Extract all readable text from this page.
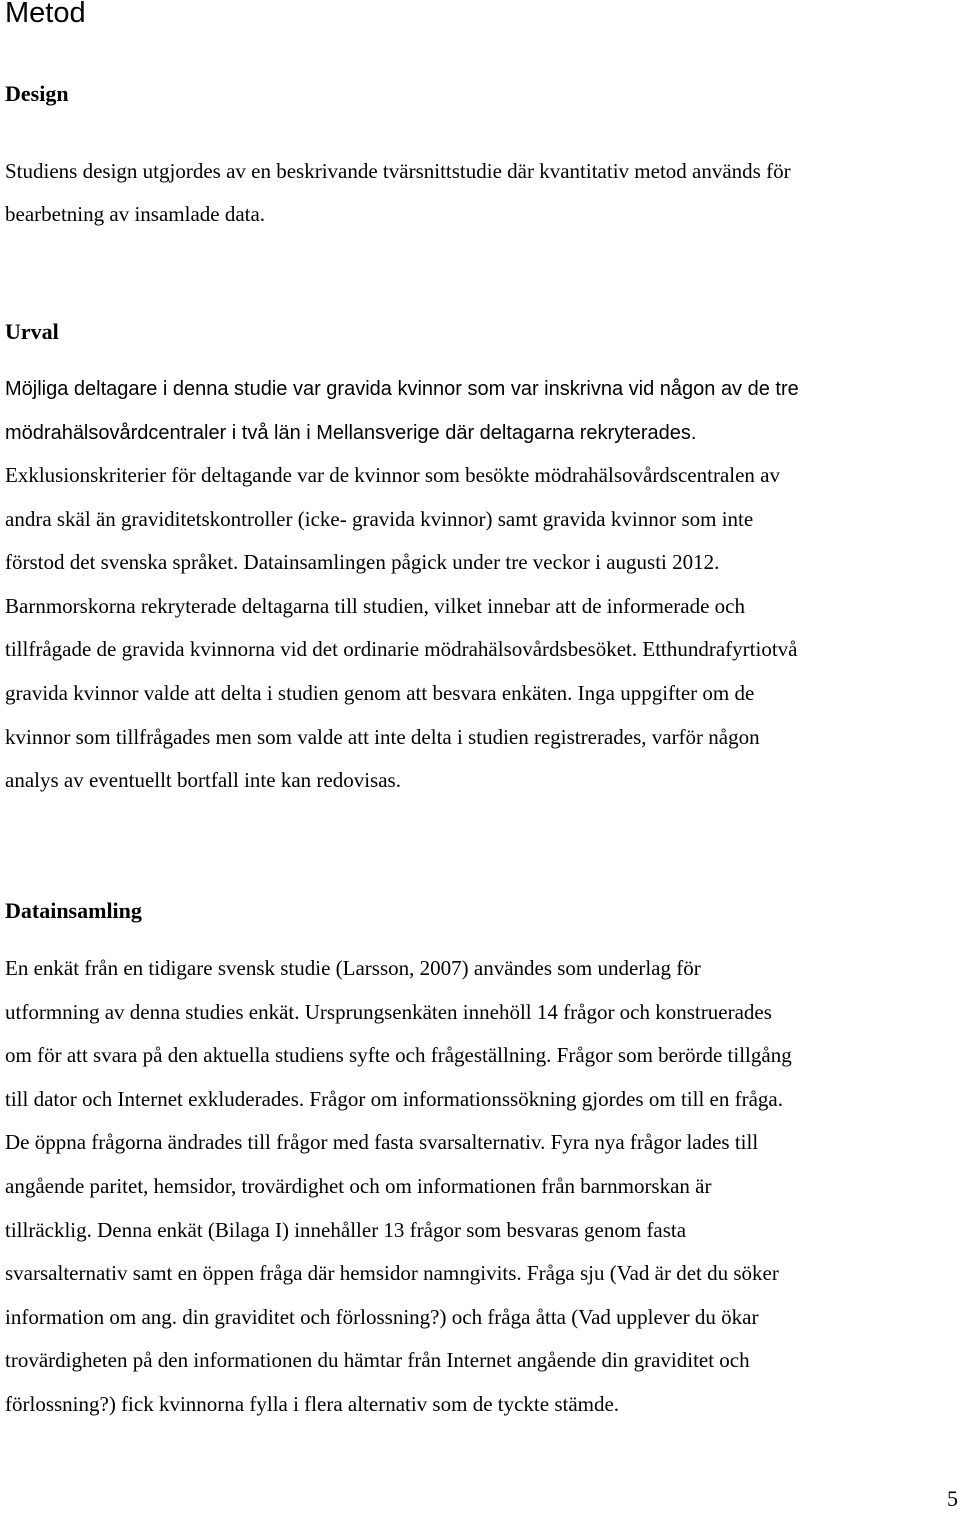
Metod
Design
Studiens design utgjordes av en beskrivande tvärsnittstudie där kvantitativ metod används för
bearbetning av insamlade data.
Urval
Möjliga deltagare i denna studie var gravida kvinnor som var inskrivna vid någon av de tre
mödrahälsovårdcentraler i två län i Mellansverige där deltagarna rekryterades.
Exklusionskriterier för deltagande var de kvinnor som besökte mödrahälsovårdscentralen av
andra skäl än graviditetskontroller (icke- gravida kvinnor) samt gravida kvinnor som inte
förstod det svenska språket. Datainsamlingen pågick under tre veckor i augusti 2012.
Barnmorskorna rekryterade deltagarna till studien, vilket innebar att de informerade och
tillfrågade de gravida kvinnorna vid det ordinarie mödrahälsovårdsbesöket. Etthundrafyrtiotvå
gravida kvinnor valde att delta i studien genom att besvara enkäten. Inga uppgifter om de
kvinnor som tillfrågades men som valde att inte delta i studien registrerades, varför någon
analys av eventuellt bortfall inte kan redovisas.
Datainsamling
En enkät från en tidigare svensk studie (Larsson, 2007) användes som underlag för
utformning av denna studies enkät. Ursprungsenkäten innehöll 14 frågor och konstruerades
om för att svara på den aktuella studiens syfte och frågeställning. Frågor som berörde tillgång
till dator och Internet exkluderades. Frågor om informationssökning gjordes om till en fråga.
De öppna frågorna ändrades till frågor med fasta svarsalternativ. Fyra nya frågor lades till
angående paritet, hemsidor, trovärdighet och om informationen från barnmorskan är
tillräcklig. Denna enkät (Bilaga I) innehåller 13 frågor som besvaras genom fasta
svarsalternativ samt en öppen fråga där hemsidor namngivits. Fråga sju (Vad är det du söker
information om ang. din graviditet och förlossning?) och fråga åtta (Vad upplever du ökar
trovärdigheten på den informationen du hämtar från Internet angående din graviditet och
förlossning?) fick kvinnorna fylla i flera alternativ som de tyckte stämde.
5
